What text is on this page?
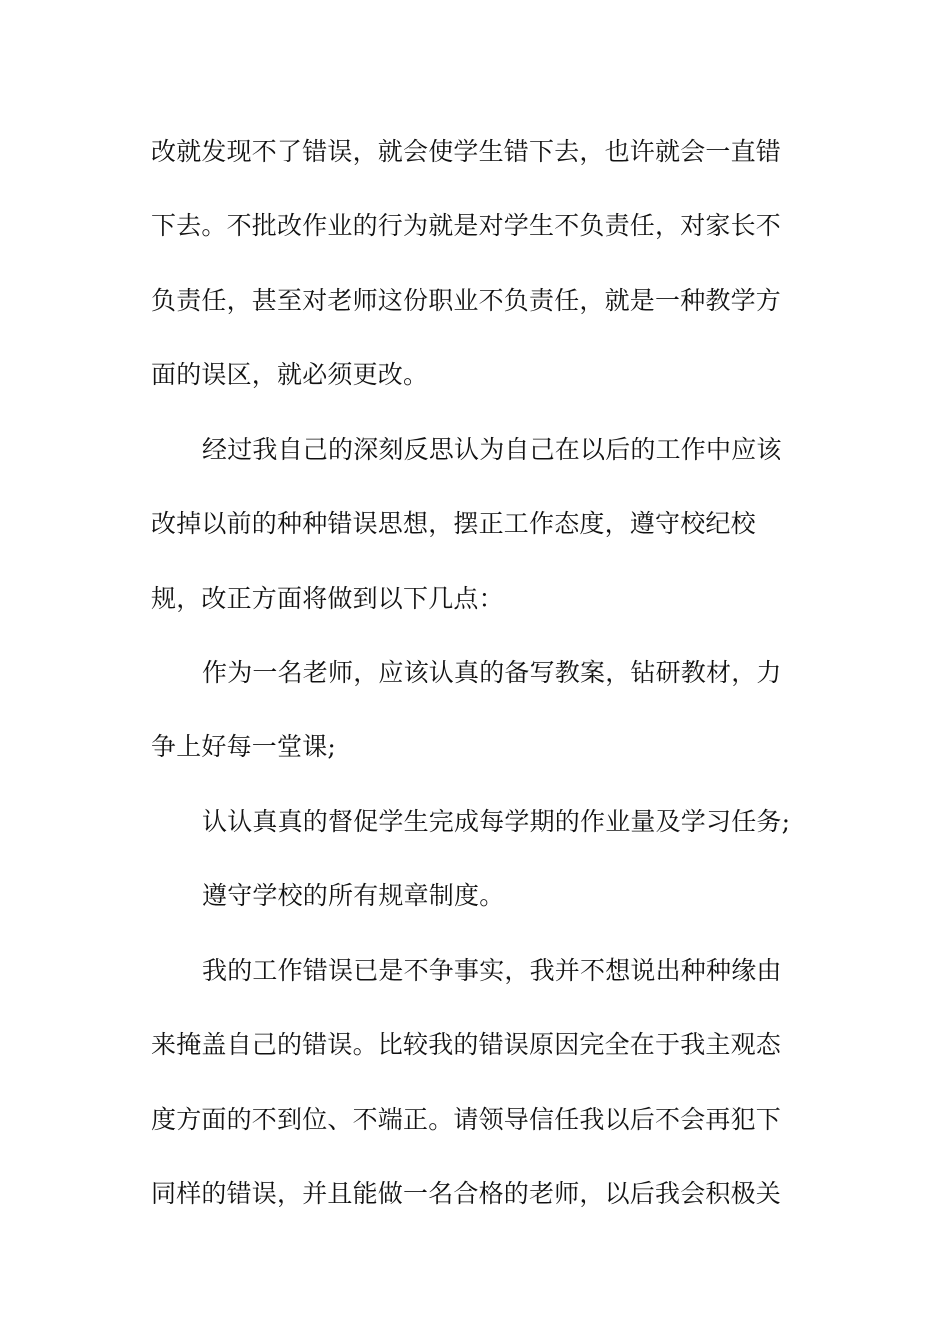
改就发现不了错误，就会使学生错下去，也许就会一直错
下去。不批改作业的行为就是对学生不负责任，对家长不
负责任，甚至对老师这份职业不负责任，就是一种教学方
面的误区，就必须更改。
经过我自己的深刻反思认为自己在以后的工作中应该
改掉以前的种种错误思想，摆正工作态度，遵守校纪校
规，改正方面将做到以下几点：
作为一名老师，应该认真的备写教案，钻研教材，力
争上好每一堂课;
认认真真的督促学生完成每学期的作业量及学习任务;
遵守学校的所有规章制度。
我的工作错误已是不争事实，我并不想说出种种缘由
来掩盖自己的错误。比较我的错误原因完全在于我主观态
度方面的不到位、不端正。请领导信任我以后不会再犯下
同样的错误，并且能做一名合格的老师，以后我会积极关
